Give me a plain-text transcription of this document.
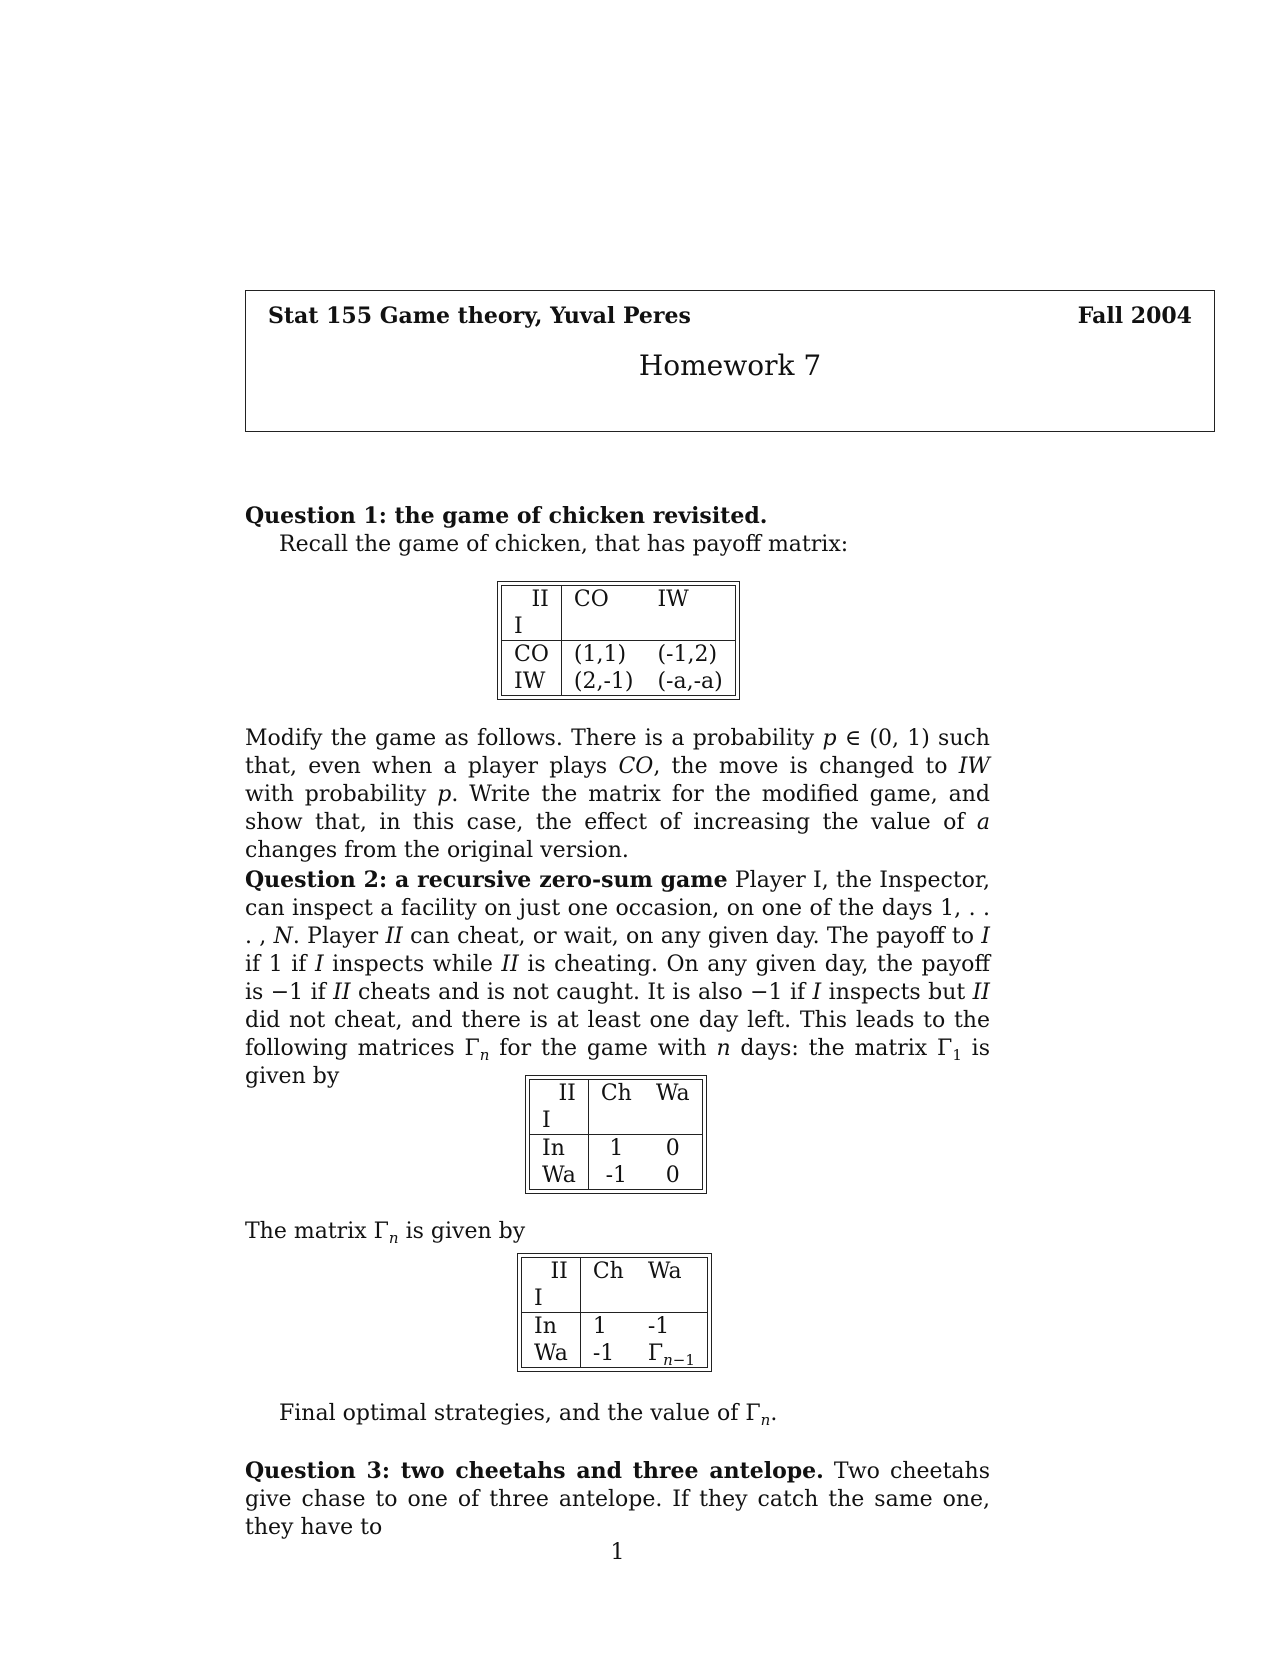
Stat 155 Game theory, Yuval Peres	Fall 2004
Homework 7

Question 1: the game of chicken revisited.

Recall the game of chicken, that has payoff matrix:

II
I	CO	IW
CO	(1,1)	(-1,2)
IW	(2,-1)	(-a,-a)

Modify the game as follows. There is a probability p ∈ (0, 1) such that, even when a player plays CO, the move is changed to IW with probability p. Write the matrix for the modified game, and show that, in this case, the effect of increasing the value of a changes from the original version.

Question 2: a recursive zero-sum game Player I, the Inspector, can inspect a facility on just one occasion, on one of the days 1, . . . , N. Player II can cheat, or wait, on any given day. The payoff to I if 1 if I inspects while II is cheating. On any given day, the payoff is −1 if II cheats and is not caught. It is also −1 if I inspects but II did not cheat, and there is at least one day left. This leads to the following matrices $\Gamma_n$ for the game with n days: the matrix $\Gamma_1$ is given by

II
I	Ch	Wa
In	1	0
Wa	-1	0

The matrix $\Gamma_n$ is given by

II
I	Ch	Wa
In	1	-1
Wa	-1	$\Gamma_{n-1}$

Final optimal strategies, and the value of $\Gamma_n$.

Question 3: two cheetahs and three antelope. Two cheetahs give chase to one of three antelope. If they catch the same one, they have to

1
